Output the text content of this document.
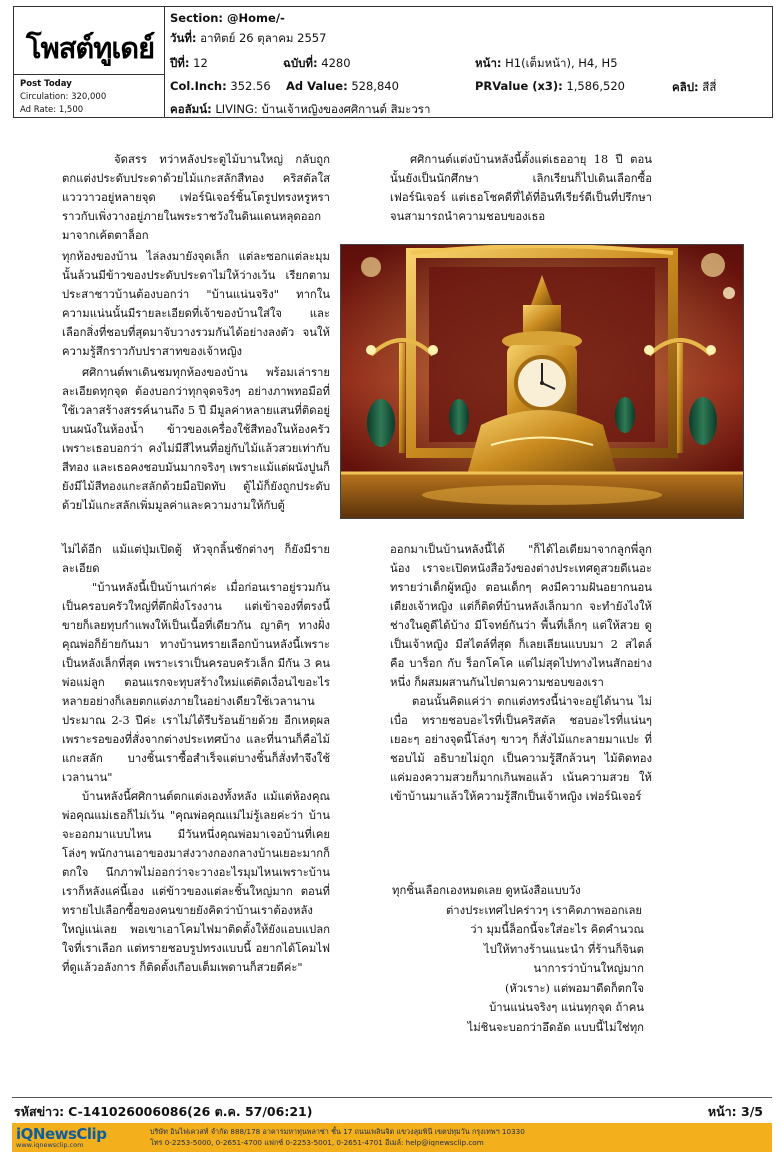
โพสต์ทูเดย์
Post Today
Circulation: 320,000
Ad Rate: 1,500
Section: @Home/-
วันที่: อาทิตย์ 26 ตุลาคม 2557
ปีที่: 12	ฉบับที่: 4280	หน้า: H1(เต็มหน้า), H4, H5
Col.Inch: 352.56 Ad Value: 528,840	PRValue (x3): 1,586,520	คลิป: สีสี่
คอลัมน์: LIVING: บ้านเจ้าหญิงของศศิกานต์ สิมะวรา

จัดสรร ทว่าหลังประตูไม้บานใหญ่ กลับถูกตกแต่งประดับประดาด้วยไม้แกะสลักสีทอง คริสตัลใสแวววาวอยู่หลายจุด เฟอร์นิเจอร์ชิ้นโตรูปทรงหรูหราราวกับเพิ่งวางอยู่ภายในพระราชวังในดินแดนหลุดออกมาจากเค้ตตาล็อก

ทุกห้องของบ้าน ไล่ลงมายังจุดเล็ก แต่ละซอกแต่ละมุมนั้นล้วนมีข้าวของประดับประดาไม่ให้ว่างเว้น เรียกตามประสาชาวบ้านต้องบอกว่า "บ้านแน่นจริง" ทากในความแน่นนั้นมีรายละเอียดที่เจ้าของบ้านใส่ใจ และเลือกสิ่งที่ชอบที่สุดมาจับวางรวมกันได้อย่างลงตัว จนให้ความรู้สึกราวกับปราสาทของเจ้าหญิง

ศศิกานต์พาเดินชมทุกห้องของบ้าน พร้อมเล่ารายละเอียดทุกจุด ต้องบอกว่าทุกจุดจริงๆ อย่างภาพทอมือที่ใช้เวลาสร้างสรรค์นานถึง 5 ปี มีมูลค่าหลายแสนที่ติดอยู่บนผนังในห้องน้ำ ข้าวของเครื่องใช้สีทองในห้องครัว เพราะเธอบอกว่า คงไม่มีสีไหนที่อยู่กับไม้แล้วสวยเท่ากับสีทอง และเธอคงชอบมันมากจริงๆ เพราะแม้แต่ผนังปูนก็ยังมีไม้สีทองแกะสลักด้วยมือปิดทับ ตู้ไม้ก็ยังถูกประดับด้วยไม้แกะสลักเพิ่มมูลค่าและความงามให้กับตู้

ศศิกานต์แต่งบ้านหลังนี้ตั้งแต่เธออายุ 18 ปี ตอนนั้นยังเป็นนักศึกษา เลิกเรียนก็ไปเดินเลือกซื้อเฟอร์นิเจอร์ แต่เธอโชคดีที่ได้ที่อินทีเรียร์ดีเป็นที่ปรึกษา จนสามารถนำความชอบของเธอ

ไม่ได้อีก แม้แต่ปุ่มเปิดตู้ หัวจุกลิ้นชักต่างๆ ก็ยังมีรายละเอียด

"บ้านหลังนี้เป็นบ้านเก่าค่ะ เมื่อก่อนเราอยู่รวมกันเป็นครอบครัวใหญ่ที่ตึกฝั่งโรงงาน แต่เข้าจองที่ตรงนี้ขายก็เลยทุบกำแพงให้เป็นเนื้อที่เดียวกัน ญาติๆ ทางฝั่งคุณพ่อก็ย้ายกันมา ทางบ้านทรายเลือกบ้านหลังนี้เพราะเป็นหลังเล็กที่สุด เพราะเราเป็นครอบครัวเล็ก มีกัน 3 คน พ่อแม่ลูก ตอนแรกจะทุบสร้างใหม่แต่ติดเงื่อนไขอะไรหลายอย่างก็เลยตกแต่งภายในอย่างเดียวใช้เวลานานประมาณ 2-3 ปีค่ะ เราไม่ได้รีบร้อนย้ายด้วย อีกเหตุผลเพราะรอของที่สั่งจากต่างประเทศบ้าง และที่นานก็คือไม้แกะสลัก บางชิ้นเราซื้อสำเร็จแต่บางชิ้นก็สั่งทำจึงใช้เวลานาน"

บ้านหลังนี้ศศิกานต์ตกแต่งเองทั้งหลัง แม้แต่ห้องคุณพ่อคุณแม่เธอก็ไม่เว้น "คุณพ่อคุณแม่ไม่รู้เลยค่ะว่า บ้านจะออกมาแบบไหน มีวันหนึ่งคุณพ่อมาเจอบ้านที่เคยโล่งๆ พนักงานเอาของมาส่งวางกองกลางบ้านเยอะมากก็ตกใจ นึกภาพไม่ออกว่าจะวางอะไรมุมไหนเพราะบ้านเราก็หลังแค่นี้เอง แต่ข้าวของแต่ละชิ้นใหญ่มาก ตอนที่ทรายไปเลือกซื้อของคนขายยังคิดว่าบ้านเราต้องหลังใหญ่แน่เลย พอเขาเอาโคมไฟมาติดตั้งให้ยังแอบแปลกใจที่เราเลือก แต่ทรายชอบรูปทรงแบบนี้ อยากได้โคมไฟที่ดูแล้วอลังการ ก็ติดตั้งเกือบเต็มเพดานก็สวยดีค่ะ"

ออกมาเป็นบ้านหลังนี้ได้ "ก็ได้ไอเดียมาจากลูกพี่ลูกน้อง เราจะเปิดหนังสือวังของต่างประเทศดูสวยดีเนอะ ทรายว่าเด็กผู้หญิง ตอนเด็กๆ คงมีความฝันอยากนอนเตียงเจ้าหญิง แต่ก็ติดที่บ้านหลังเล็กมาก จะทำยังไงให้ช่างในดูดีได้บ้าง มีโจทย์กันว่า พื้นที่เล็กๆ แต่ให้สวย ดูเป็นเจ้าหญิง มีสไตล์ที่สุด ก็เลยเลียนแบบมา 2 สไตล์ คือ บาร็อก กับ ร็อกโคโค แต่ไม่สุดไปทางไหนสักอย่างหนึ่ง ก็ผสมผสานกันไปตามความชอบของเรา

ตอนนั้นคิดแค่ว่า ตกแต่งทรงนี้น่าจะอยู่ได้นาน ไม่เบื่อ ทรายชอบอะไรที่เป็นคริสตัล ชอบอะไรที่แน่นๆ เยอะๆ อย่างจุดนี้โล่งๆ ขาวๆ ก็สั่งไม้แกะลายมาแปะ ที่ชอบไม้ อธิบายไม่ถูก เป็นความรู้สึกล้วนๆ ไม้ติดทอง แค่มองความสวยก็มากเกินพอแล้ว เน้นความสวย ให้เข้าบ้านมาแล้วให้ความรู้สึกเป็นเจ้าหญิง เฟอร์นิเจอร์

ทุกชิ้นเลือกเองหมดเลย ดูหนังสือแบบวัง
ต่างประเทศไปคร่าวๆ เราคิดภาพออกเลย
ว่า มุมนี้ล็อกนี้จะใส่อะไร คิดคำนวณ
ไปให้ทางร้านแนะนำ ที่ร้านก็จินต
นาการว่าบ้านใหญ่มาก
(หัวเราะ) แต่พอมาดีดก็ตกใจ
บ้านแน่นจริงๆ แน่นทุกจุด ถ้าคน
ไม่ชินจะบอกว่าอึดอัด แบบนี้ไม่ใช่ทุก
รหัสข่าว: C-141026006086(26 ต.ค. 57/06:21)	หน้า: 3/5
iQNewsClip
www.iqnewsclip.com
บริษัท อินไฟเควสท์ จำกัด 888/178 อาคารมหาทุนพลาซ่า ชั้น 17 ถนนเพลินจิต แขวงลุมพินี เขตปทุมวัน กรุงเทพฯ 10330
โทร 0-2253-5000, 0-2651-4700 แฟกซ์ 0-2253-5001, 0-2651-4701 อีเมล์: help@iqnewsclip.com
